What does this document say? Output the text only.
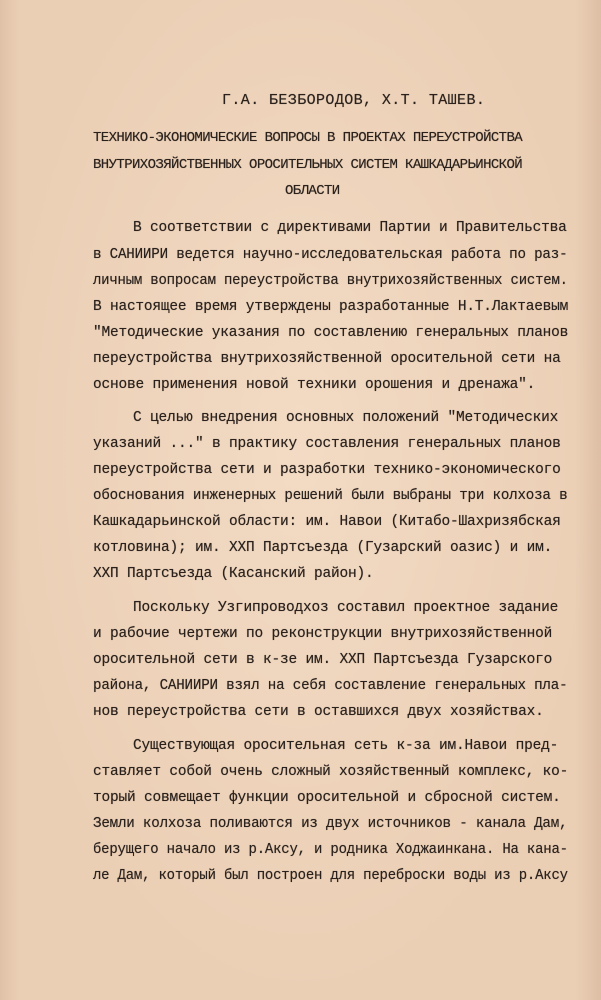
Г.А. БЕЗБОРОДОВ, Х.Т. ТАШЕВ.
ТЕХНИКО-ЭКОНОМИЧЕСКИЕ ВОПРОСЫ В ПРОЕКТАХ ПЕРЕУСТРОЙСТВА
ВНУТРИХОЗЯЙСТВЕННЫХ ОРОСИТЕЛЬНЫХ СИСТЕМ КАШКАДАРЬИНСКОЙ
ОБЛАСТИ
В соответствии с директивами Партии и Правительства
в САНИИРИ ведется научно-исследовательская работа по раз-
личным вопросам переустройства внутрихозяйственных систем.
В настоящее время утверждены разработанные Н.Т.Лактаевым
"Методические указания по составлению генеральных планов
переустройства внутрихозяйственной оросительной сети на
основе применения новой техники орошения и дренажа".
С целью внедрения основных положений "Методических
указаний ..." в практику составления генеральных планов
переустройства сети и разработки технико-экономического
обоснования инженерных решений были выбраны три колхоза в
Кашкадарьинской области: им. Навои (Китабо-Шахризябская
котловина); им. ХХП Партсъезда (Гузарский оазис) и им.
ХХП Партсъезда (Касанский район).
Поскольку Узгипроводхоз составил проектное задание
и рабочие чертежи по реконструкции внутрихозяйственной
оросительной сети в к-зе им. ХХП Партсъезда Гузарского
района, САНИИРИ взял на себя составление генеральных пла-
нов переустройства сети в оставшихся двух хозяйствах.
Существующая оросительная сеть к-за им.Навои пред-
ставляет собой очень сложный хозяйственный комплекс, ко-
торый совмещает функции оросительной и сбросной систем.
Земли колхоза поливаются из двух источников - канала Дам,
берущего начало из р.Аксу, и родника Ходжаинкана. На кана-
ле Дам, который был построен для переброски воды из р.Аксу
